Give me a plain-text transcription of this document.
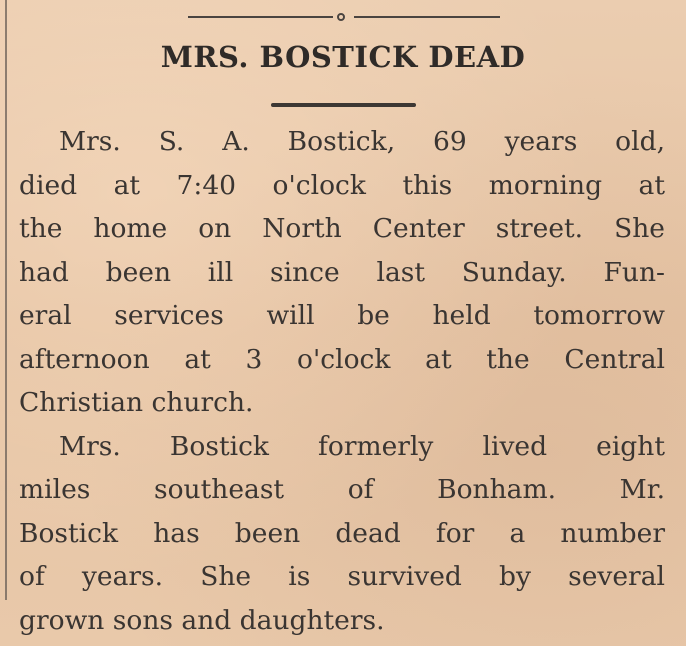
MRS. BOSTICK DEAD
Mrs. S. A. Bostick, 69 years old,
died at 7:40 o'clock this morning at
the home on North Center street. She
had been ill since last Sunday. Fun-
eral services will be held tomorrow
afternoon at 3 o'clock at the Central
Christian church.
Mrs. Bostick formerly lived eight
miles southeast of Bonham. Mr.
Bostick has been dead for a number
of years. She is survived by several
grown sons and daughters.
